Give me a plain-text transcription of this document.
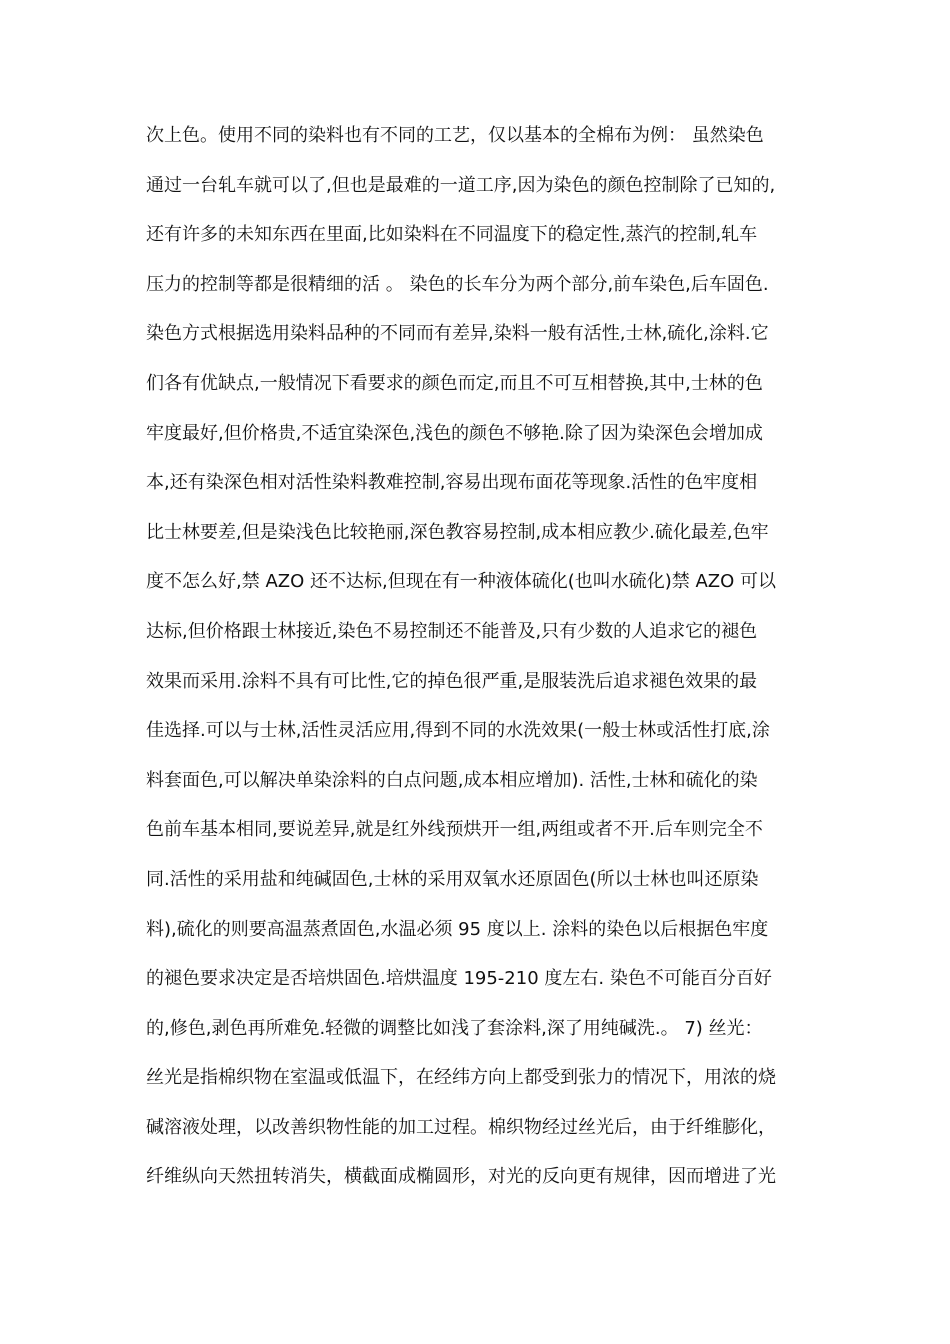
次上色。使用不同的染料也有不同的工艺，仅以基本的全棉布为例： 虽然染色
通过一台轧车就可以了,但也是最难的一道工序,因为染色的颜色控制除了已知的,
还有许多的未知东西在里面,比如染料在不同温度下的稳定性,蒸汽的控制,轧车
压力的控制等都是很精细的活 。 染色的长车分为两个部分,前车染色,后车固色.
染色方式根据选用染料品种的不同而有差异,染料一般有活性,士林,硫化,涂料.它
们各有优缺点,一般情况下看要求的颜色而定,而且不可互相替换,其中,士林的色
牢度最好,但价格贵,不适宜染深色,浅色的颜色不够艳.除了因为染深色会增加成
本,还有染深色相对活性染料教难控制,容易出现布面花等现象.活性的色牢度相
比士林要差,但是染浅色比较艳丽,深色教容易控制,成本相应教少.硫化最差,色牢
度不怎么好,禁 AZO 还不达标,但现在有一种液体硫化(也叫水硫化)禁 AZO 可以
达标,但价格跟士林接近,染色不易控制还不能普及,只有少数的人追求它的褪色
效果而采用.涂料不具有可比性,它的掉色很严重,是服装洗后追求褪色效果的最
佳选择.可以与士林,活性灵活应用,得到不同的水洗效果(一般士林或活性打底,涂
料套面色,可以解决单染涂料的白点问题,成本相应增加). 活性,士林和硫化的染
色前车基本相同,要说差异,就是红外线预烘开一组,两组或者不开.后车则完全不
同.活性的采用盐和纯碱固色,士林的采用双氧水还原固色(所以士林也叫还原染
料),硫化的则要高温蒸煮固色,水温必须 95 度以上. 涂料的染色以后根据色牢度
的褪色要求决定是否培烘固色.培烘温度 195-210 度左右. 染色不可能百分百好
的,修色,剥色再所难免.轻微的调整比如浅了套涂料,深了用纯碱洗.。 7) 丝光：
丝光是指棉织物在室温或低温下，在经纬方向上都受到张力的情况下，用浓的烧
碱溶液处理，以改善织物性能的加工过程。棉织物经过丝光后，由于纤维膨化，
纤维纵向天然扭转消失，横截面成椭圆形，对光的反向更有规律，因而增进了光
